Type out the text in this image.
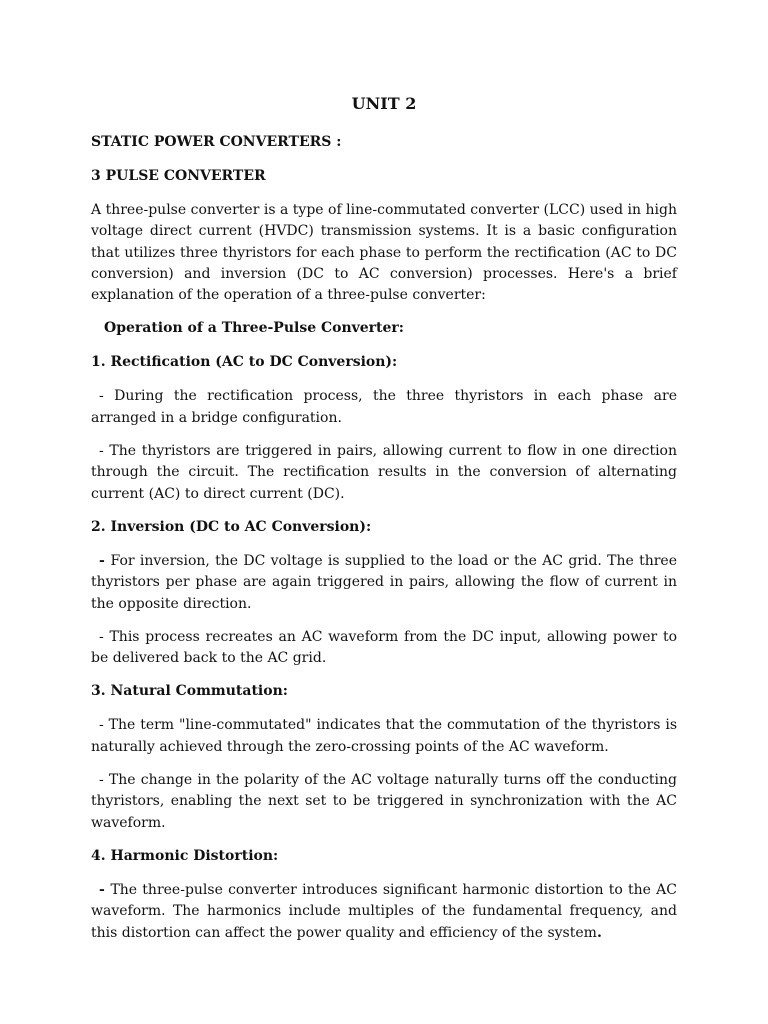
UNIT 2
STATIC POWER CONVERTERS :
3 PULSE CONVERTER

A three-pulse converter is a type of line-commutated converter (LCC) used in high voltage direct current (HVDC) transmission systems. It is a basic configuration that utilizes three thyristors for each phase to perform the rectification (AC to DC conversion) and inversion (DC to AC conversion) processes. Here's a brief explanation of the operation of a three-pulse converter:

Operation of a Three-Pulse Converter:
1. Rectification (AC to DC Conversion):

- During the rectification process, the three thyristors in each phase are arranged in a bridge configuration.

- The thyristors are triggered in pairs, allowing current to flow in one direction through the circuit. The rectification results in the conversion of alternating current (AC) to direct current (DC).

2. Inversion (DC to AC Conversion):

- For inversion, the DC voltage is supplied to the load or the AC grid. The three thyristors per phase are again triggered in pairs, allowing the flow of current in the opposite direction.

- This process recreates an AC waveform from the DC input, allowing power to be delivered back to the AC grid.

3. Natural Commutation:

- The term "line-commutated" indicates that the commutation of the thyristors is naturally achieved through the zero-crossing points of the AC waveform.

- The change in the polarity of the AC voltage naturally turns off the conducting thyristors, enabling the next set to be triggered in synchronization with the AC waveform.

4. Harmonic Distortion:

- The three-pulse converter introduces significant harmonic distortion to the AC waveform. The harmonics include multiples of the fundamental frequency, and this distortion can affect the power quality and efficiency of the system.
